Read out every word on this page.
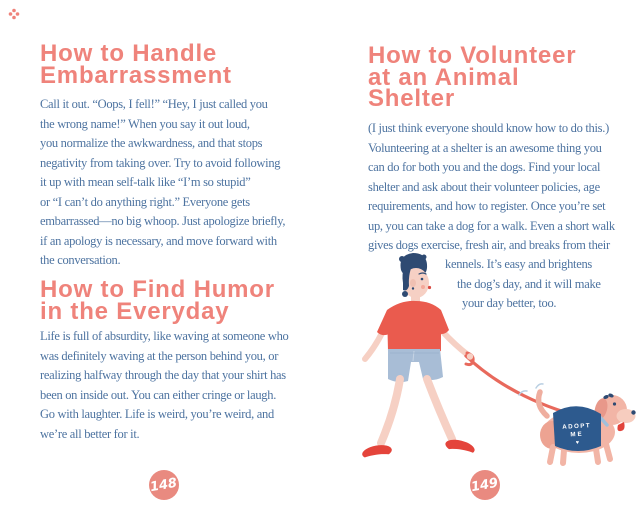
How to Handle
Embarrassment
Call it out. “Oops, I fell!” “Hey, I just called you
the wrong name!” When you say it out loud,
you normalize the awkwardness, and that stops
negativity from taking over. Try to avoid following
it up with mean self-talk like “I’m so stupid”
or “I can’t do anything right.” Everyone gets
embarrassed—no big whoop. Just apologize briefly,
if an apology is necessary, and move forward with
the conversation.
How to Find Humor
in the Everyday
Life is full of absurdity, like waving at someone who
was definitely waving at the person behind you, or
realizing halfway through the day that your shirt has
been on inside out. You can either cringe or laugh.
Go with laughter. Life is weird, you’re weird, and
we’re all better for it.
148
How to Volunteer
at an Animal
Shelter
(I just think everyone should know how to do this.)
Volunteering at a shelter is an awesome thing you
can do for both you and the dogs. Find your local
shelter and ask about their volunteer policies, age
requirements, and how to register. Once you’re set
up, you can take a dog for a walk. Even a short walk
gives dogs exercise, fresh air, and breaks from their
kennels. It’s easy and brightens
the dog’s day, and it will make
your day better, too.
ADOPT
ME
♥
149
